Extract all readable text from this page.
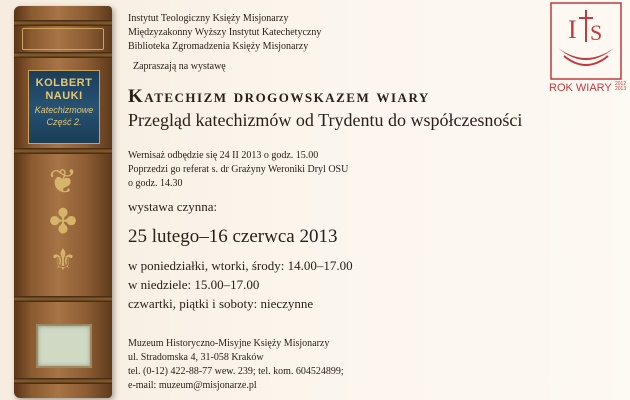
KOLBERT
NAUKI
Katechizmowe
Część 2.
❦
✤
⚜
I S
ROK WIARY 2012
2013
Instytut Teologiczny Księży Misjonarzy
Międzyzakonny Wyższy Instytut Katechetyczny
Biblioteka Zgromadzenia Księży Misjonarzy
Zapraszają na wystawę
Katechizm drogowskazem wiary
Przegląd katechizmów od Trydentu do współczesności
Wernisaż odbędzie się 24 II 2013 o godz. 15.00
Poprzedzi go referat s. dr Grażyny Weroniki Dryl OSU
o godz. 14.30
wystawa czynna:
25 lutego–16 czerwca 2013
w poniedziałki, wtorki, środy: 14.00–17.00
w niedziele: 15.00–17.00
czwartki, piątki i soboty: nieczynne
Muzeum Historyczno-Misyjne Księży Misjonarzy
ul. Stradomska 4, 31-058 Kraków
tel. (0-12) 422-88-77 wew. 239; tel. kom. 604524899;
e-mail: muzeum@misjonarze.pl
